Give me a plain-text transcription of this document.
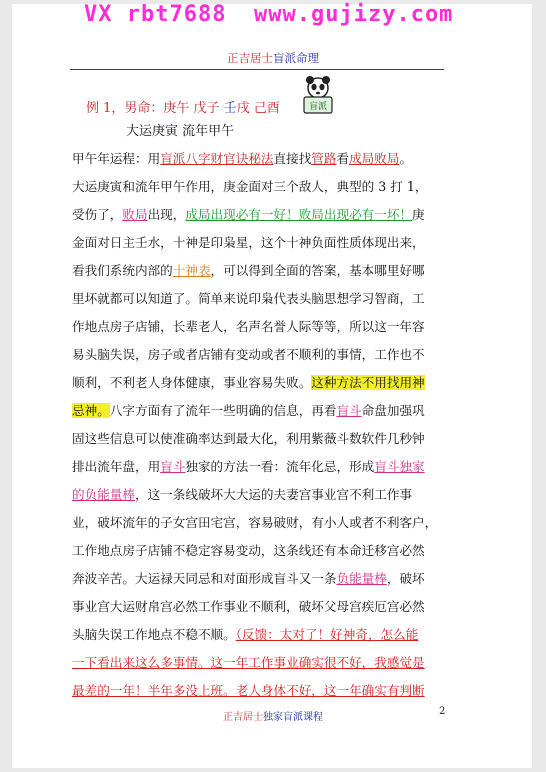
VX rbt7688 www.gujizy.com
正吉居士盲派命理
盲派
例 1，男命：庚午 戊子 壬戌 己酉
大运庚寅 流年甲午
甲午年运程：用盲派八字财官诀秘法直接找管路看成局败局。
大运庚寅和流年甲午作用，庚金面对三个敌人，典型的 3 打 1，
受伤了，败局出现，成局出现必有一好！败局出现必有一坏！庚
金面对日主壬水，十神是印枭星，这个十神负面性质体现出来，
看我们系统内部的十神表，可以得到全面的答案，基本哪里好哪
里坏就都可以知道了。简单来说印枭代表头脑思想学习智商，工
作地点房子店铺，长辈老人，名声名誉人际等等，所以这一年容
易头脑失误，房子或者店铺有变动或者不顺利的事情，工作也不
顺利，不利老人身体健康，事业容易失败。这种方法不用找用神
忌神。八字方面有了流年一些明确的信息，再看盲斗命盘加强巩
固这些信息可以使准确率达到最大化，利用紫薇斗数软件几秒钟
排出流年盘，用盲斗独家的方法一看：流年化忌，形成盲斗独家
的负能量棒，这一条线破坏大大运的夫妻宫事业宫不利工作事
业，破坏流年的子女宫田宅宫，容易破财，有小人或者不利客户，
工作地点房子店铺不稳定容易变动，这条线还有本命迁移宫必然
奔波辛苦。大运禄天同忌和对面形成盲斗又一条负能量棒，破坏
事业宫大运财帛宫必然工作事业不顺利，破坏父母宫疾厄宫必然
头脑失误工作地点不稳不顺。（反馈：太对了！好神奇，怎么能
一下看出来这么多事情。这一年工作事业确实很不好，我感觉是
最差的一年！半年多没上班。老人身体不好，这一年确实有判断
正吉居士独家盲派课程
2
